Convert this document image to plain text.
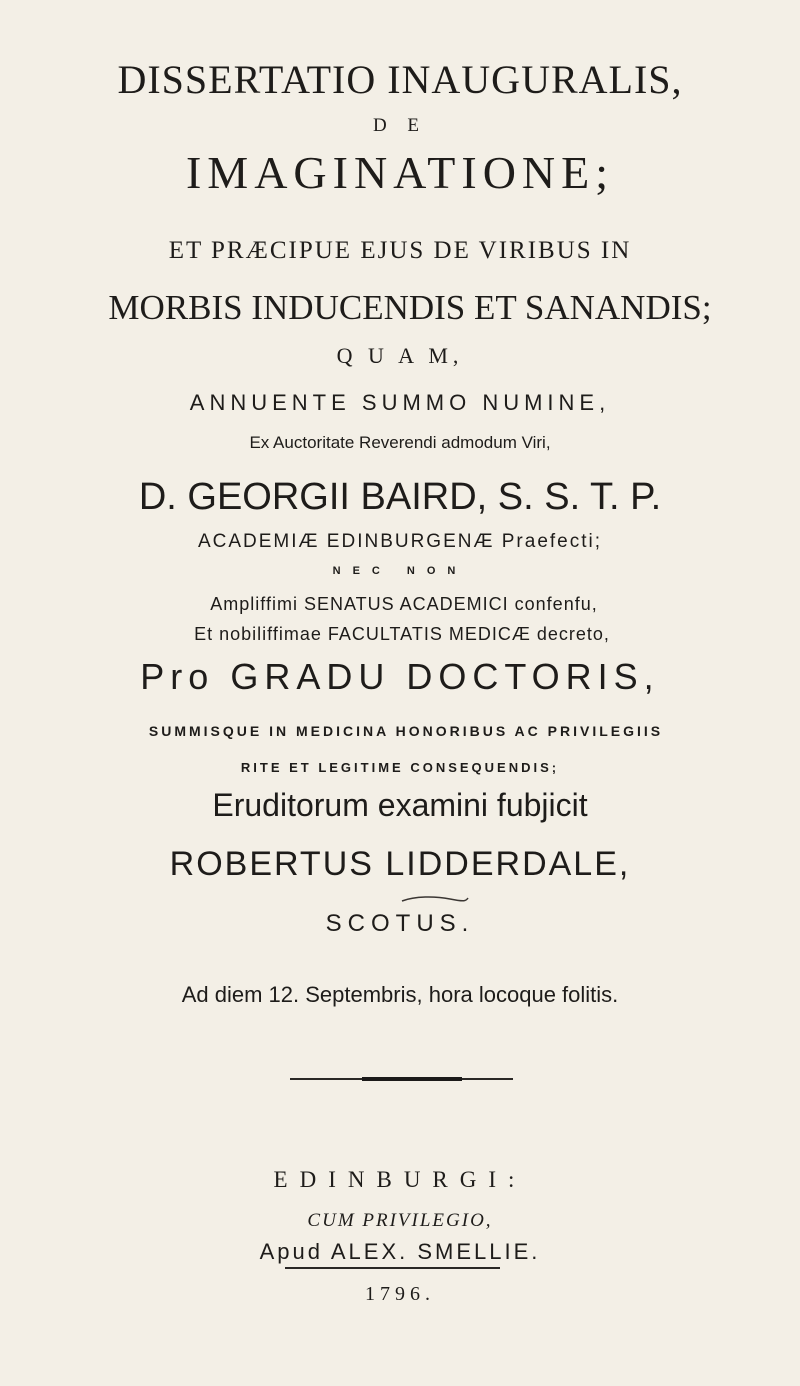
DISSERTATIO INAUGURALIS,
D E
IMAGINATIONE;
ET PRÆCIPUE EJUS DE VIRIBUS IN
MORBIS INDUCENDIS ET SANANDIS;
Q U A M,
ANNUENTE SUMMO NUMINE,
Ex Auctoritate Reverendi admodum Viri,
D. GEORGII BAIRD, S. S. T. P.
ACADEMIÆ EDINBURGENÆ Praefecti;
NEC NON
Ampliffimi SENATUS ACADEMICI confenfu,
Et nobiliffimae FACULTATIS MEDICÆ decreto,
Pro GRADU DOCTORIS,
SUMMISQUE IN MEDICINA HONORIBUS AC PRIVILEGIIS
RITE ET LEGITIME CONSEQUENDIS;
Eruditorum examini fubjicit
ROBERTUS LIDDERDALE,
SCOTUS.
Ad diem 12. Septembris, hora locoque folitis.
EDINBURGI:
CUM PRIVILEGIO,
Apud ALEX. SMELLIE.
1796.
